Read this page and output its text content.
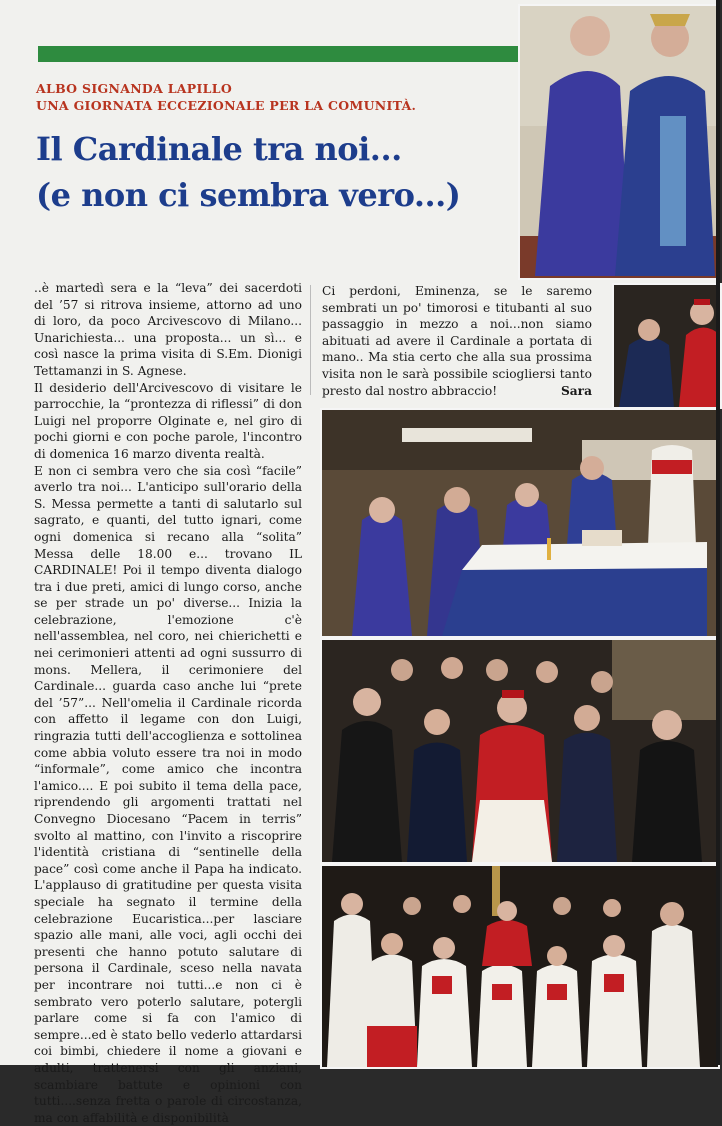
ALBO SIGNANDA LAPILLO
UNA GIORNATA ECCEZIONALE PER LA COMUNITÀ.
Il Cardinale tra noi...
(e non ci sembra vero...)

..è martedì sera e la “leva” dei sacerdoti del ’57 si ritrova insieme, attorno ad uno di loro, da poco Arcivescovo di Milano... Unarichiesta... una proposta... un sì... e così nasce la prima visita di S.Em. Dionigi Tettamanzi in S. Agnese.

Il desiderio dell'Arcivescovo di visitare le parrocchie, la “prontezza di riflessi” di don Luigi nel proporre Olginate e, nel giro di pochi giorni e con poche parole, l'incontro di domenica 16 marzo diventa realtà.

E non ci sembra vero che sia così “facile” averlo tra noi... L'anticipo sull'orario della S. Messa permette a tanti di salutarlo sul sagrato, e quanti, del tutto ignari, come ogni domenica si recano alla “solita” Messa delle 18.00 e... trovano IL CARDINALE! Poi il tempo diventa dialogo tra i due preti, amici di lungo corso, anche se per strade un po' diverse... Inizia la celebrazione, l'emozione c'è nell'assemblea, nel coro, nei chierichetti e nei cerimonieri attenti ad ogni sussurro di mons. Mellera, il cerimoniere del Cardinale... guarda caso anche lui “prete del ’57”... Nell'omelia il Cardinale ricorda con affetto il legame con don Luigi, ringrazia tutti dell'accoglienza e sottolinea come abbia voluto essere tra noi in modo “informale”, come amico che incontra l'amico.... E poi subito il tema della pace, riprendendo gli argomenti trattati nel Convegno Diocesano “Pacem in terris” svolto al mattino, con l'invito a riscoprire l'identità cristiana di “sentinelle della pace” così come anche il Papa ha indicato. L'applauso di gratitudine per questa visita speciale ha segnato il termine della celebrazione Eucaristica...per lasciare spazio alle mani, alle voci, agli occhi dei presenti che hanno potuto salutare di persona il Cardinale, sceso nella navata per incontrare noi tutti...e non ci è sembrato vero poterlo salutare, potergli parlare come si fa con l'amico di sempre...ed è stato bello vederlo attardarsi coi bimbi, chiedere il nome a giovani e adulti, trattenersi con gli anziani, scambiare battute e opinioni con tutti....senza fretta o parole di circostanza, ma con affabilità e disponibilità

Ci perdoni, Eminenza, se le saremo sembrati un po' timorosi e titubanti al suo passaggio in mezzo a noi...non siamo abituati ad avere il Cardinale a portata di mano.. Ma stia certo che alla sua prossima visita non le sarà possibile sciogliersi tanto presto dal nostro abbraccio!	Sara
